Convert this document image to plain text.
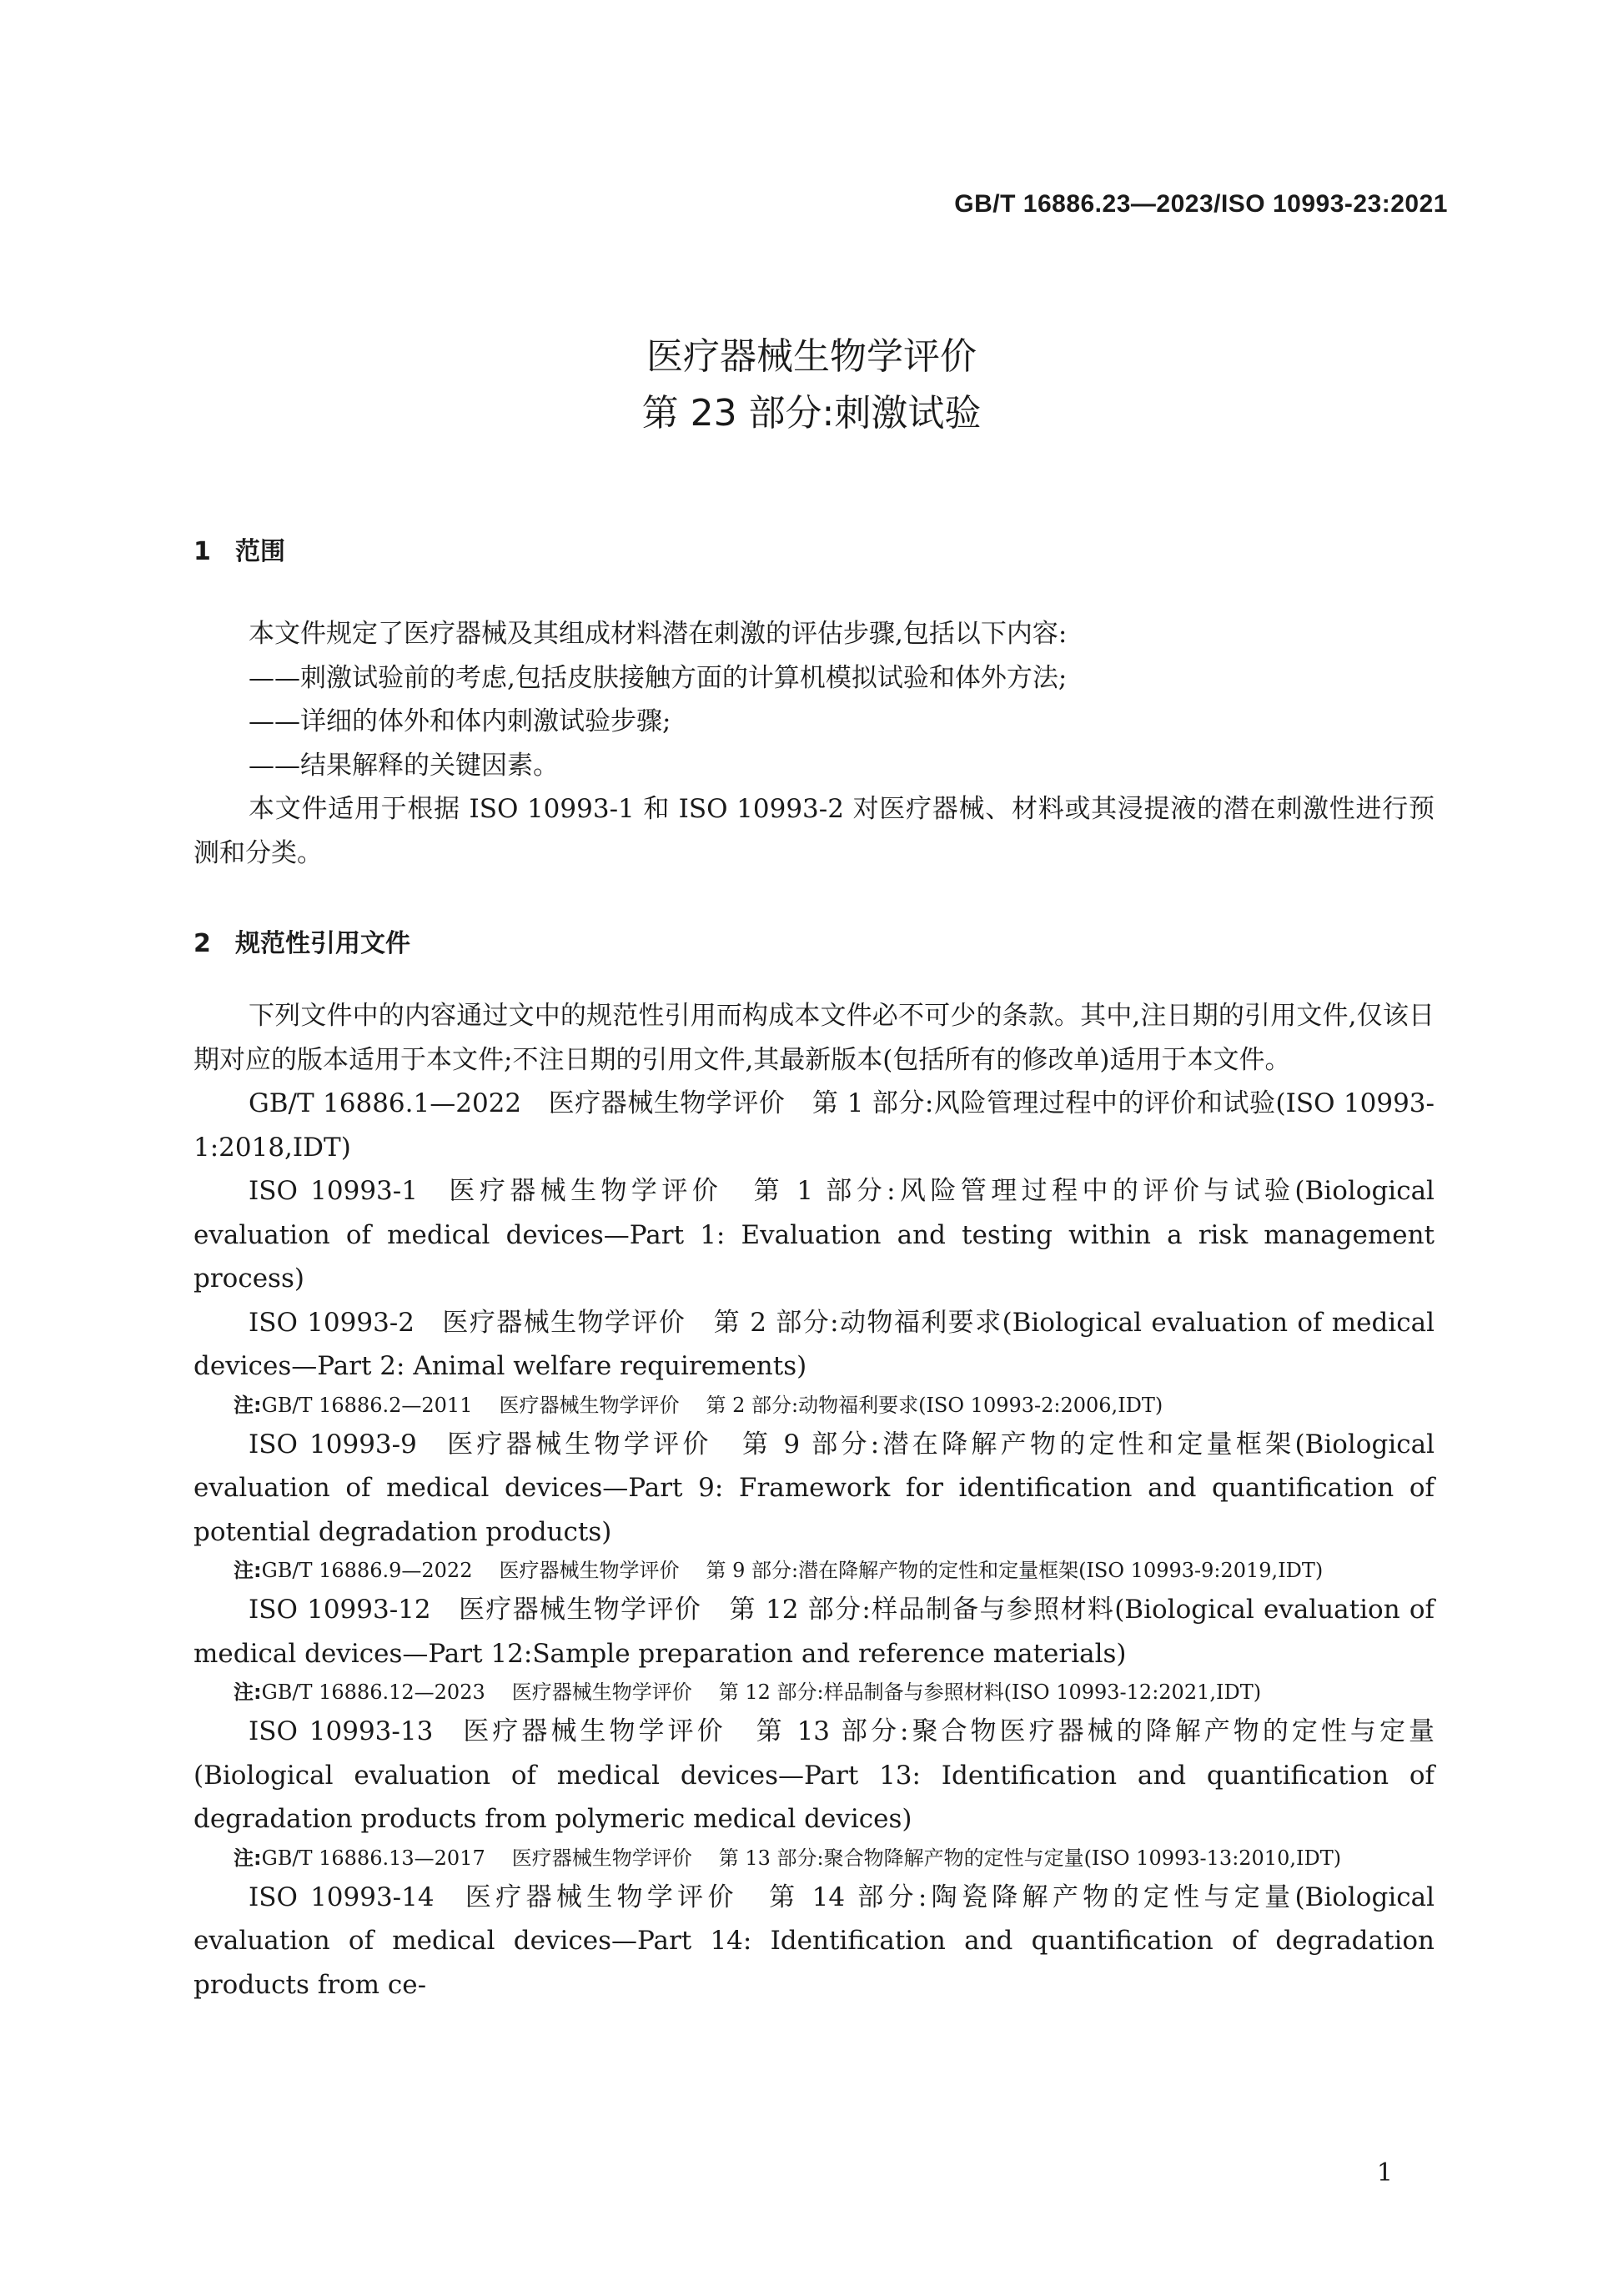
GB/T 16886.23—2023/ISO 10993-23:2021
医疗器械生物学评价
第 23 部分:刺激试验
1 范围

本文件规定了医疗器械及其组成材料潜在刺激的评估步骤,包括以下内容:

——刺激试验前的考虑,包括皮肤接触方面的计算机模拟试验和体外方法;

——详细的体外和体内刺激试验步骤;

——结果解释的关键因素。

本文件适用于根据 ISO 10993-1 和 ISO 10993-2 对医疗器械、材料或其浸提液的潜在刺激性进行预测和分类。

2 规范性引用文件

下列文件中的内容通过文中的规范性引用而构成本文件必不可少的条款。其中,注日期的引用文件,仅该日期对应的版本适用于本文件;不注日期的引用文件,其最新版本(包括所有的修改单)适用于本文件。

GB/T 16886.1—2022 医疗器械生物学评价 第 1 部分:风险管理过程中的评价和试验(ISO 10993-1:2018,IDT)

ISO 10993-1 医疗器械生物学评价 第 1 部分:风险管理过程中的评价与试验(Biological evaluation of medical devices—Part 1: Evaluation and testing within a risk management process)

ISO 10993-2 医疗器械生物学评价 第 2 部分:动物福利要求(Biological evaluation of medical devices—Part 2: Animal welfare requirements)

注:GB/T 16886.2—2011 医疗器械生物学评价 第 2 部分:动物福利要求(ISO 10993-2:2006,IDT)

ISO 10993-9 医疗器械生物学评价 第 9 部分:潜在降解产物的定性和定量框架(Biological evaluation of medical devices—Part 9: Framework for identification and quantification of potential degradation products)

注:GB/T 16886.9—2022 医疗器械生物学评价 第 9 部分:潜在降解产物的定性和定量框架(ISO 10993-9:2019,IDT)

ISO 10993-12 医疗器械生物学评价 第 12 部分:样品制备与参照材料(Biological evaluation of medical devices—Part 12:Sample preparation and reference materials)

注:GB/T 16886.12—2023 医疗器械生物学评价 第 12 部分:样品制备与参照材料(ISO 10993-12:2021,IDT)

ISO 10993-13 医疗器械生物学评价 第 13 部分:聚合物医疗器械的降解产物的定性与定量(Biological evaluation of medical devices—Part 13: Identification and quantification of degradation products from polymeric medical devices)

注:GB/T 16886.13—2017 医疗器械生物学评价 第 13 部分:聚合物降解产物的定性与定量(ISO 10993-13:2010,IDT)

ISO 10993-14 医疗器械生物学评价 第 14 部分:陶瓷降解产物的定性与定量(Biological evaluation of medical devices—Part 14: Identification and quantification of degradation products from ce-

1
